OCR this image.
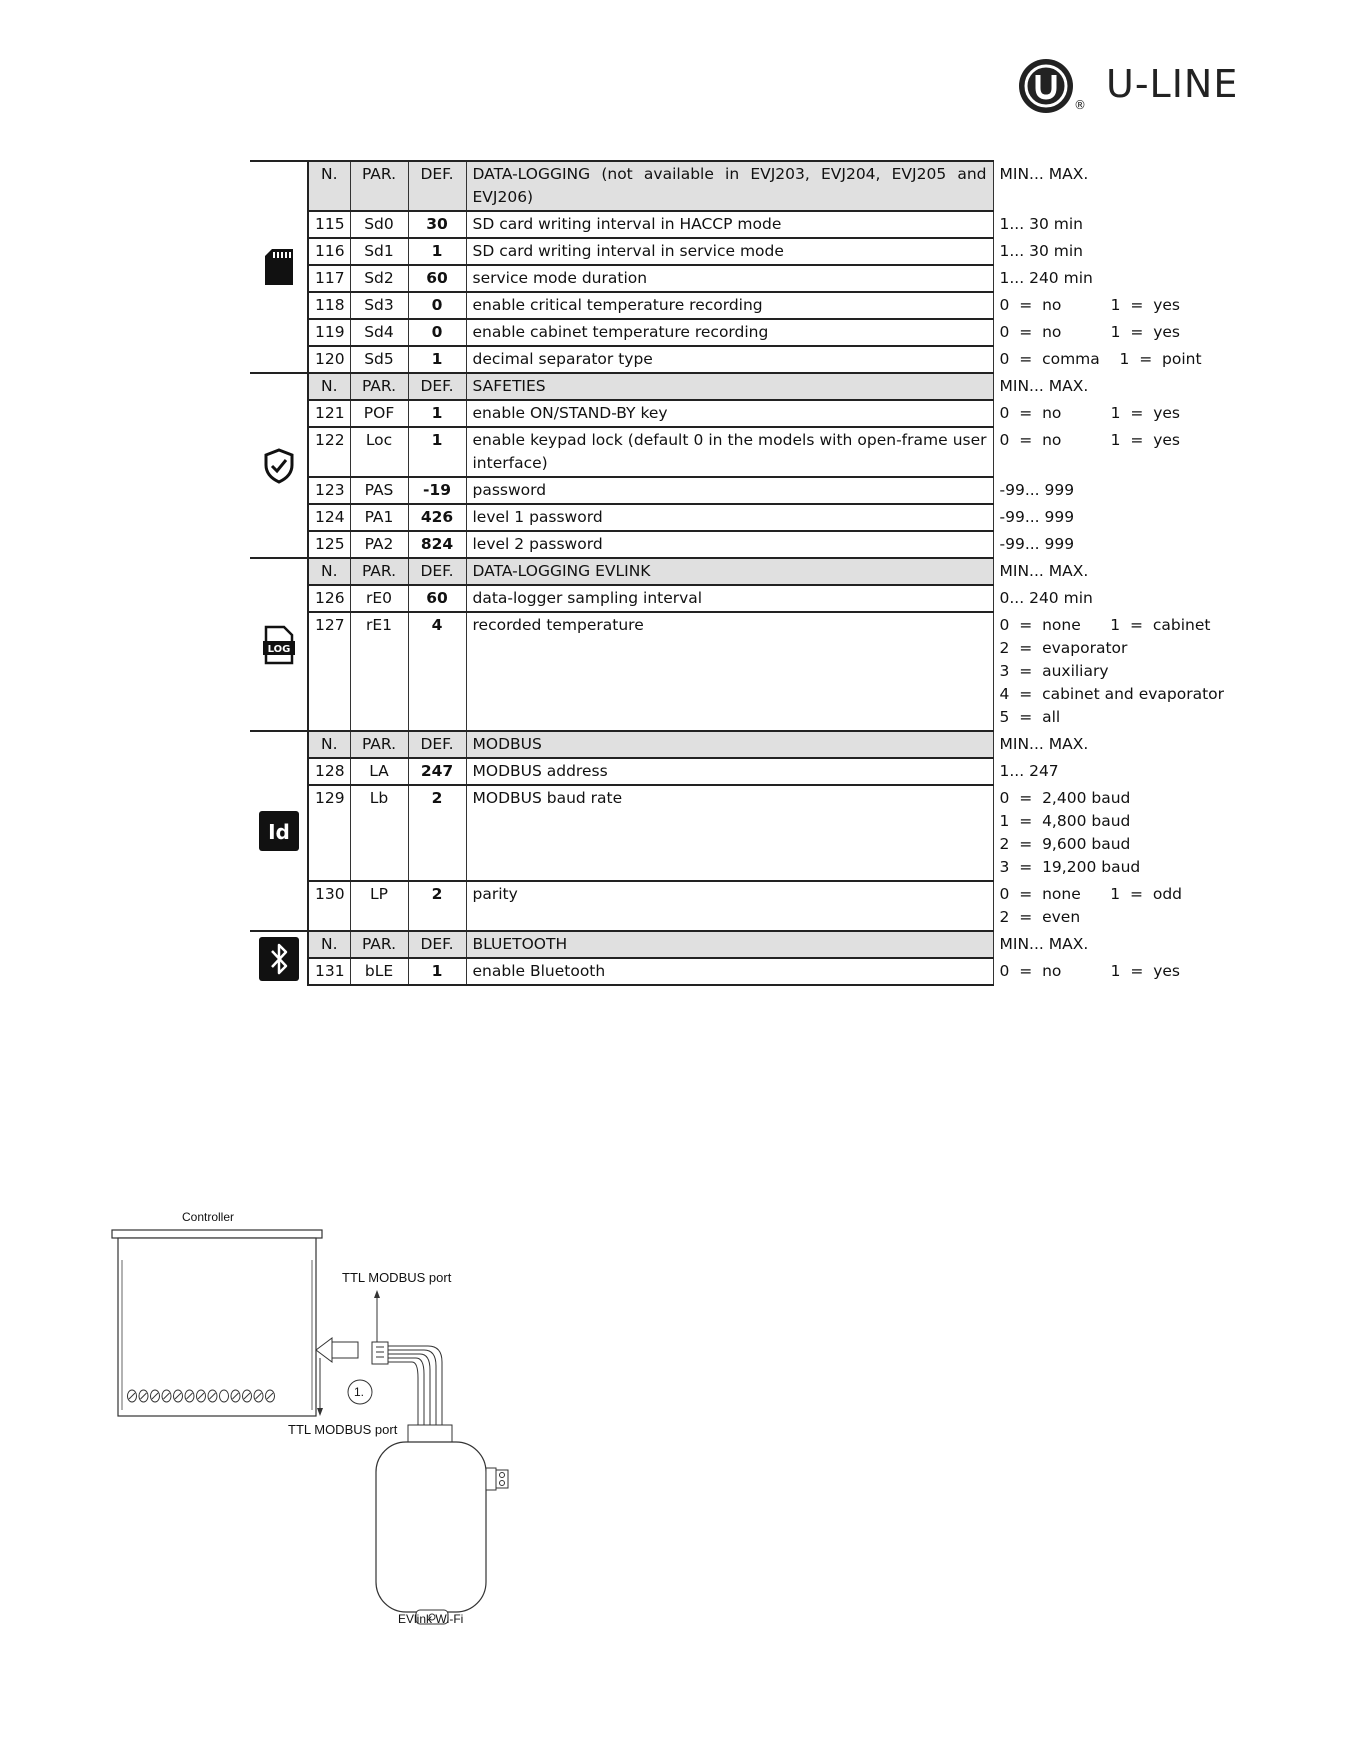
® U-LINE
	N.	PAR.	DEF.	DATA-LOGGING (not available in EVJ203, EVJ204, EVJ205 and EVJ206)	MIN... MAX.
	115	Sd0	30	SD card writing interval in HACCP mode	1... 30 min
	116	Sd1	1	SD card writing interval in service mode	1... 30 min
	117	Sd2	60	service mode duration	1... 240 min
	118	Sd3	0	enable critical temperature recording	0  =  no          1  =  yes
	119	Sd4	0	enable cabinet temperature recording	0  =  no          1  =  yes
	120	Sd5	1	decimal separator type	0  =  comma    1  =  point

	N.	PAR.	DEF.	SAFETIES	MIN... MAX.
	121	POF	1	enable ON/STAND-BY key	0  =  no          1  =  yes
	122	Loc	1	enable keypad lock (default 0 in the models with open-frame user interface)	0  =  no          1  =  yes
	123	PAS	-19	password	-99... 999
	124	PA1	426	level 1 password	-99... 999
	125	PA2	824	level 2 password	-99... 999

LOG	N.	PAR.	DEF.	DATA-LOGGING EVLINK	MIN... MAX.
	126	rE0	60	data-logger sampling interval	0... 240 min
	127	rE1	4	recorded temperature	0  =  none      1  =  cabinet
2  =  evaporator
3  =  auxiliary
4  =  cabinet and evaporator
5  =  all

Id	N.	PAR.	DEF.	MODBUS	MIN... MAX.
	128	LA	247	MODBUS address	1... 247
	129	Lb	2	MODBUS baud rate	0  =  2,400 baud
1  =  4,800 baud
2  =  9,600 baud
3  =  19,200 baud
	130	LP	2	parity	0  =  none      1  =  odd
2  =  even

	N.	PAR.	DEF.	BLUETOOTH	MIN... MAX.
	131	bLE	1	enable Bluetooth	0  =  no          1  =  yes
Controller
TTL MODBUS port
1.
TTL MODBUS port
EVlink Wi-Fi
